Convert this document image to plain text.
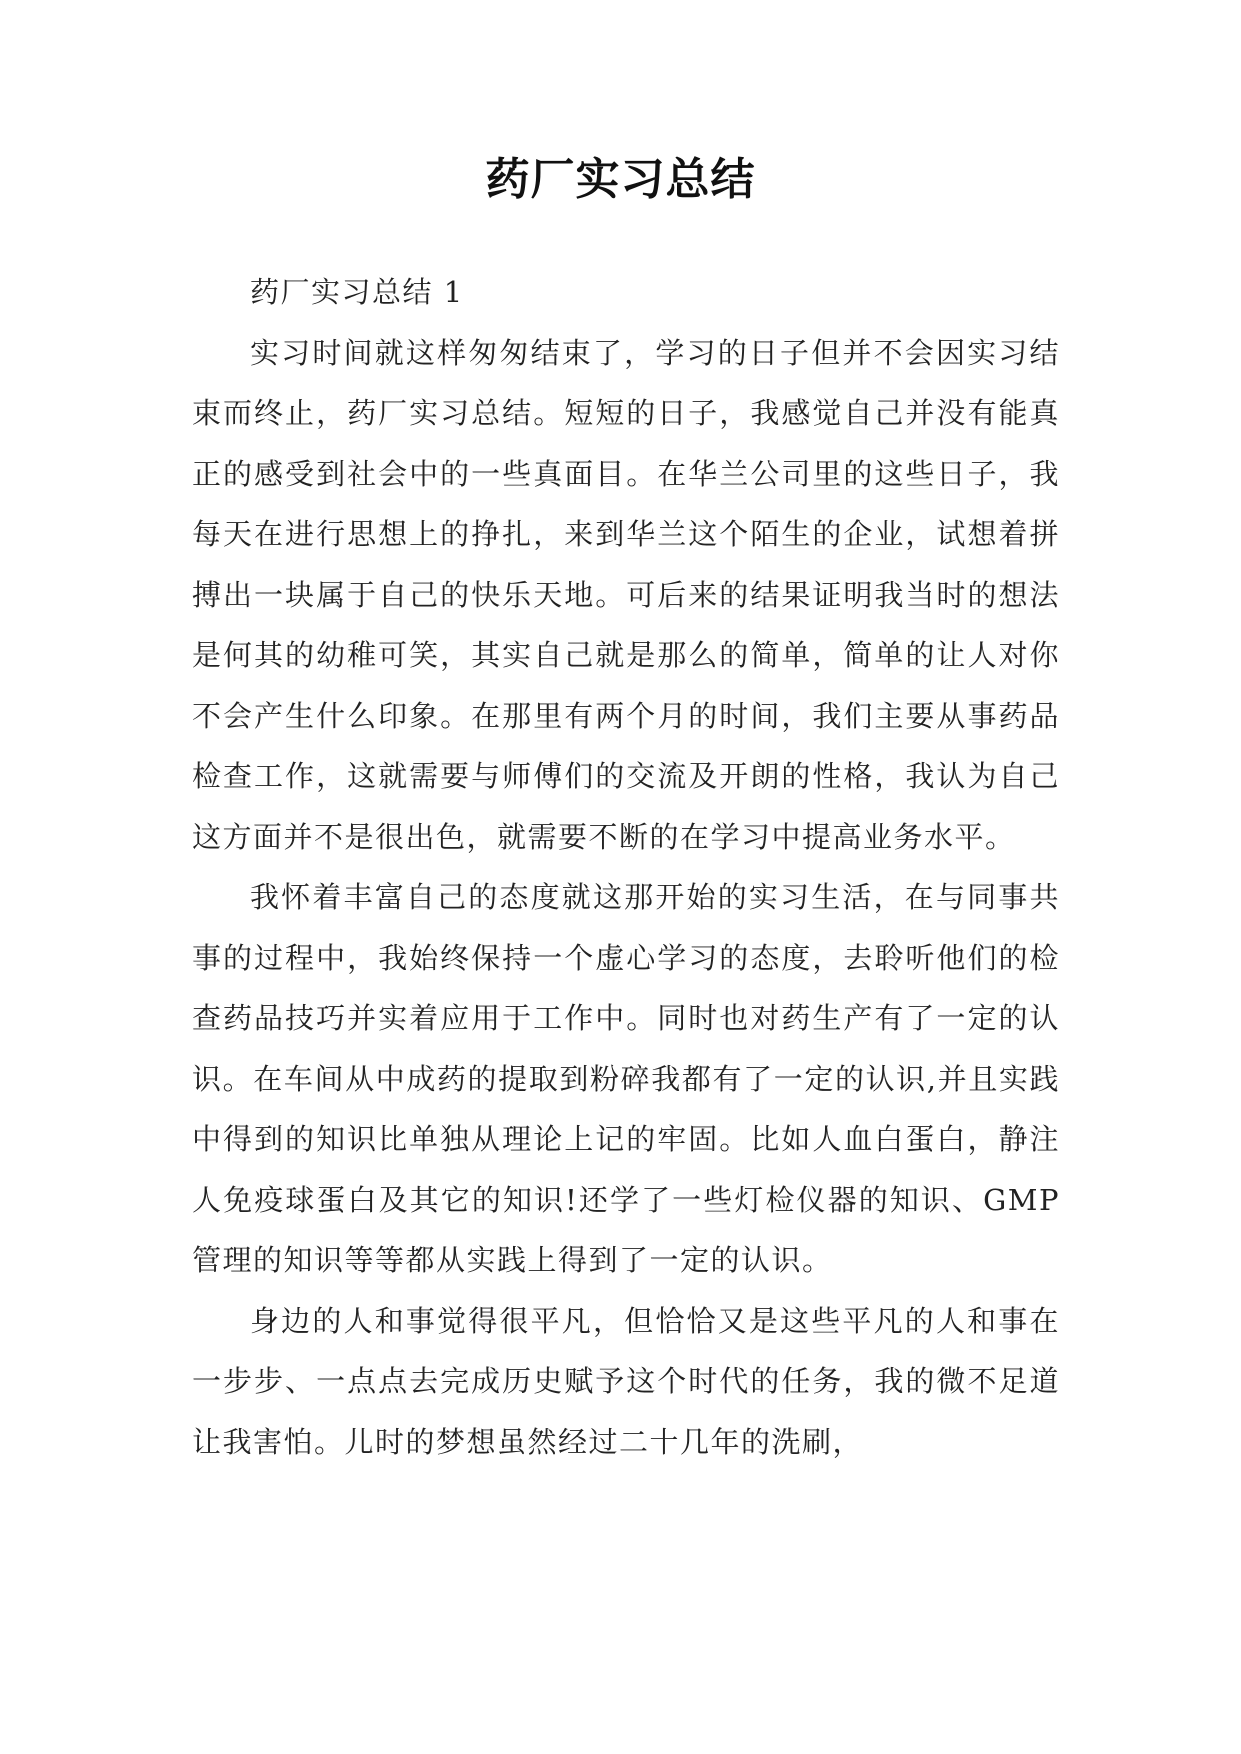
药厂实习总结

药厂实习总结 1

实习时间就这样匆匆结束了，学习的日子但并不会因实习结束而终止，药厂实习总结。短短的日子，我感觉自己并没有能真正的感受到社会中的一些真面目。在华兰公司里的这些日子，我每天在进行思想上的挣扎，来到华兰这个陌生的企业，试想着拼搏出一块属于自己的快乐天地。可后来的结果证明我当时的想法是何其的幼稚可笑，其实自己就是那么的简单，简单的让人对你不会产生什么印象。在那里有两个月的时间，我们主要从事药品检查工作，这就需要与师傅们的交流及开朗的性格，我认为自己这方面并不是很出色，就需要不断的在学习中提高业务水平。

我怀着丰富自己的态度就这那开始的实习生活，在与同事共事的过程中，我始终保持一个虚心学习的态度，去聆听他们的检查药品技巧并实着应用于工作中。同时也对药生产有了一定的认识。在车间从中成药的提取到粉碎我都有了一定的认识,并且实践中得到的知识比单独从理论上记的牢固。比如人血白蛋白，静注人免疫球蛋白及其它的知识!还学了一些灯检仪器的知识、GMP 管理的知识等等都从实践上得到了一定的认识。

身边的人和事觉得很平凡，但恰恰又是这些平凡的人和事在一步步、一点点去完成历史赋予这个时代的任务，我的微不足道让我害怕。儿时的梦想虽然经过二十几年的洗刷，
